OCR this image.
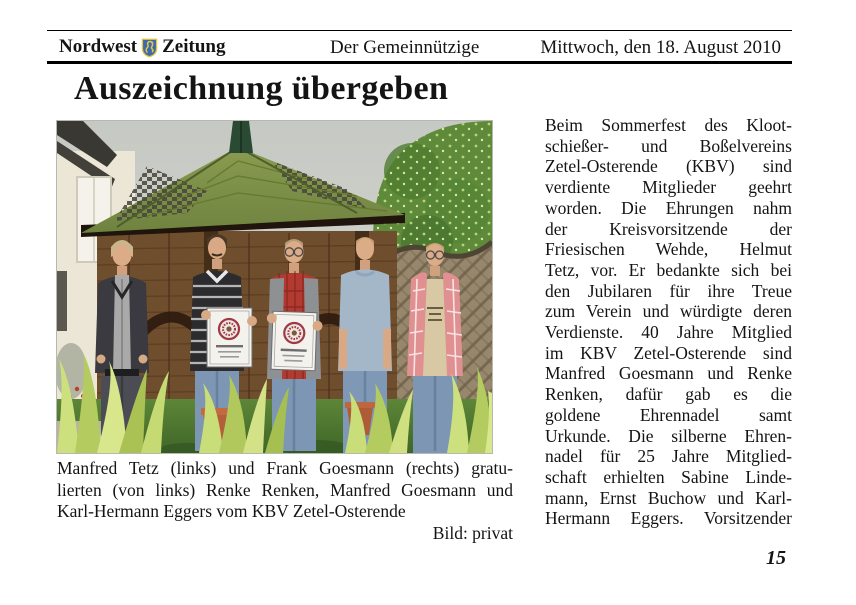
Nordwest Zeitung	Der Gemeinnützige	Mittwoch, den 18. August 2010
Auszeichnung übergeben
Manfred Tetz (links) und Frank Goesmann (rechts) gratu-
lierten (von links) Renke Renken, Manfred Goesmann und
Karl-Hermann Eggers vom KBV Zetel-Osterende
Bild: privat
Beim Sommerfest des Kloot-
schießer- und Boßelvereins
Zetel-Osterende (KBV) sind
verdiente Mitglieder geehrt
worden. Die Ehrungen nahm
der Kreisvorsitzende der
Friesischen Wehde, Helmut
Tetz, vor. Er bedankte sich bei
den Jubilaren für ihre Treue
zum Verein und würdigte deren
Verdienste. 40 Jahre Mitglied
im KBV Zetel-Osterende sind
Manfred Goesmann und Renke
Renken, dafür gab es die
goldene Ehrennadel samt
Urkunde. Die silberne Ehren-
nadel für 25 Jahre Mitglied-
schaft erhielten Sabine Linde-
mann, Ernst Buchow und Karl-
Hermann Eggers. Vorsitzender
15
